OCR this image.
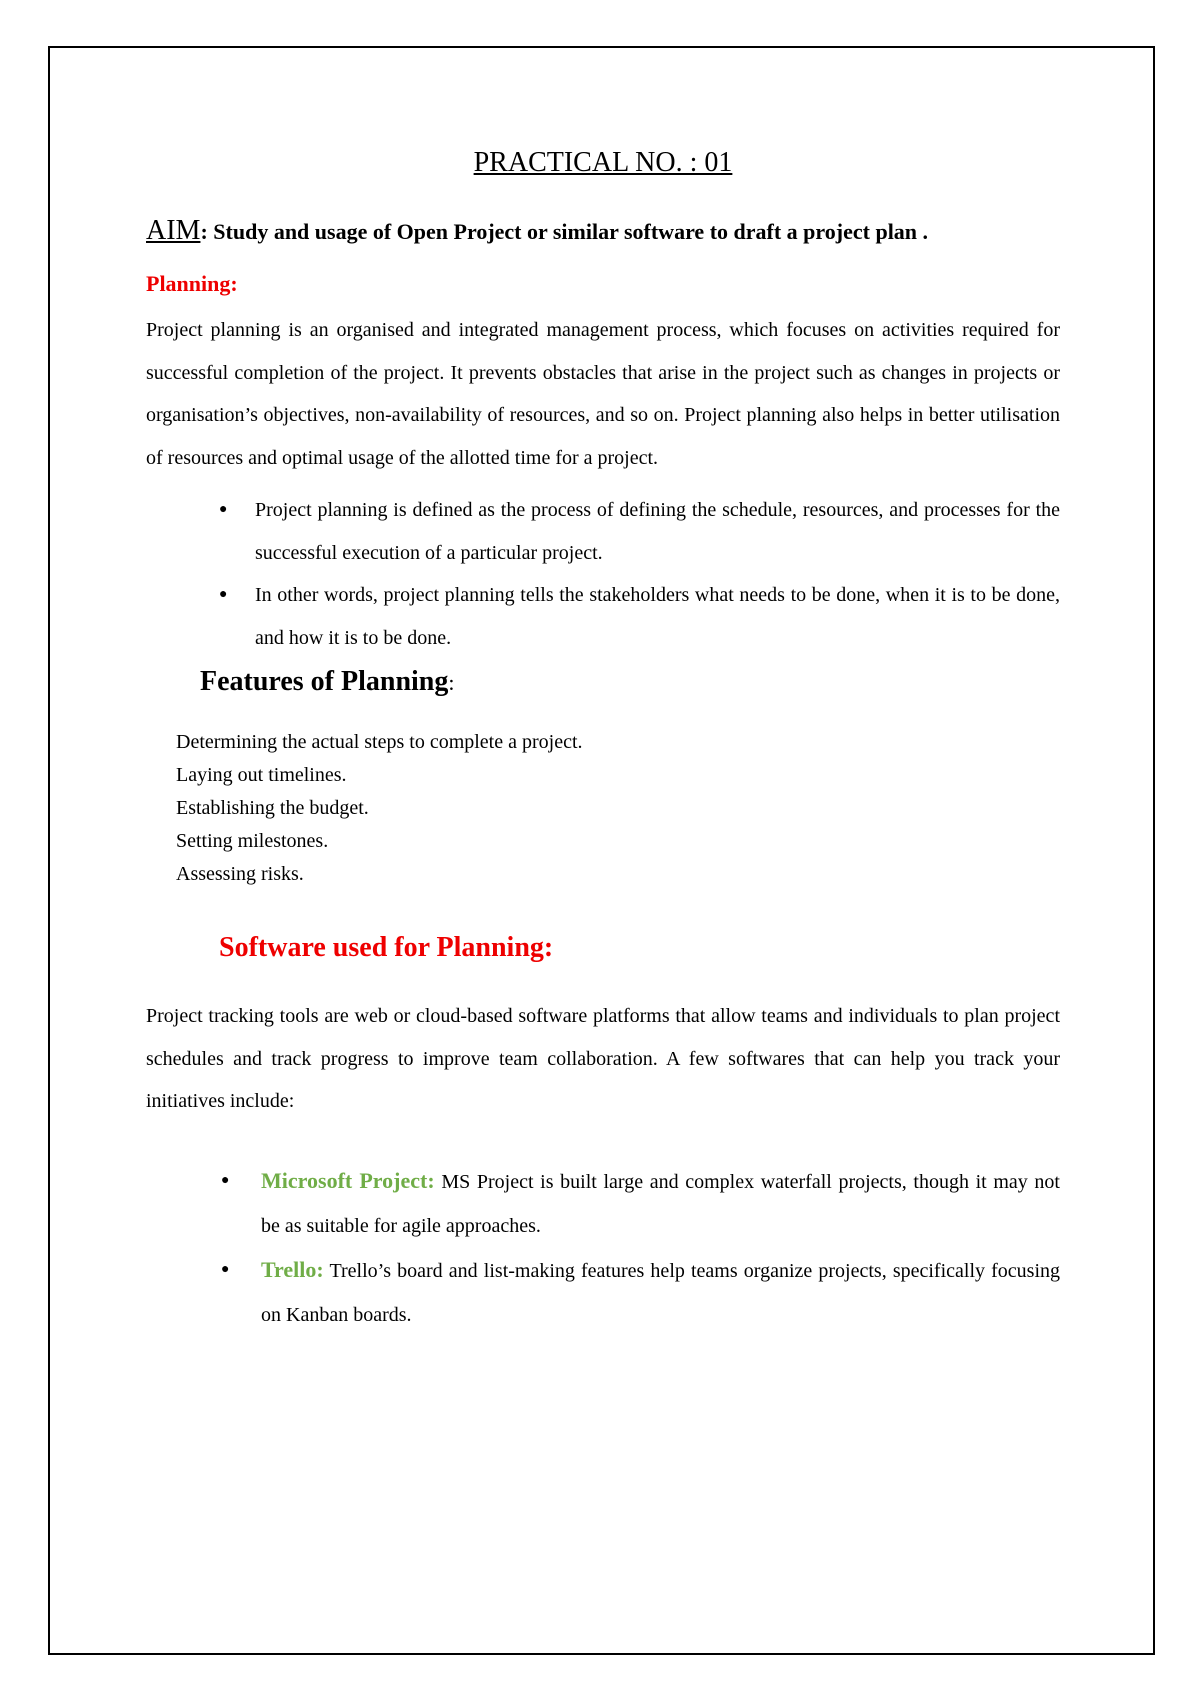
PRACTICAL NO. : 01
AIM: Study and usage of Open Project or similar software to draft a project plan .
Planning:
Project planning is an organised and integrated management process, which focuses on activities required for successful completion of the project. It prevents obstacles that arise in the project such as changes in projects or organisation’s objectives, non-availability of resources, and so on. Project planning also helps in better utilisation of resources and optimal usage of the allotted time for a project.
● Project planning is defined as the process of defining the schedule, resources, and processes for the successful execution of a particular project.
● In other words, project planning tells the stakeholders what needs to be done, when it is to be done, and how it is to be done.
Features of Planning:
Determining the actual steps to complete a project.
Laying out timelines.
Establishing the budget.
Setting milestones.
Assessing risks.
Software used for Planning:
Project tracking tools are web or cloud-based software platforms that allow teams and individuals to plan project schedules and track progress to improve team collaboration. A few softwares that can help you track your initiatives include:
● Microsoft Project: MS Project is built large and complex waterfall projects, though it may not be as suitable for agile approaches.
● Trello: Trello’s board and list-making features help teams organize projects, specifically focusing on Kanban boards.
